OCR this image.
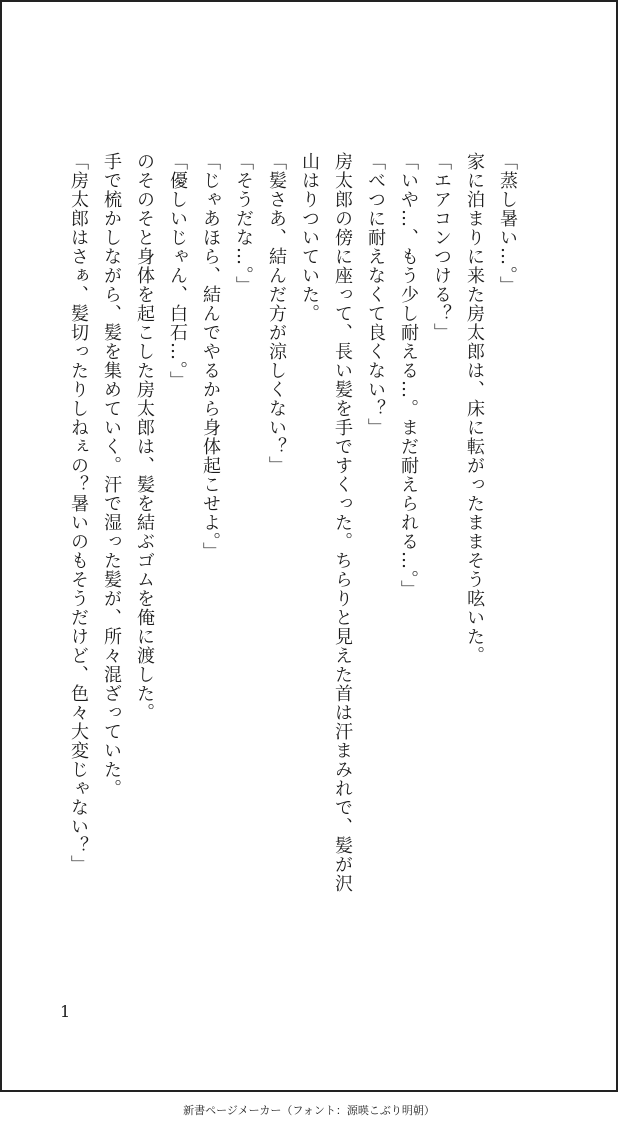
「蒸し暑い…。」
家に泊まりに来た房太郎は、床に転がったままそう呟いた。
「エアコンつける？」
「いや…、もう少し耐える…。まだ耐えられる…。」
「べつに耐えなくて良くない？」
房太郎の傍に座って、長い髪を手ですくった。ちらりと見えた首は汗まみれで、髪が沢
山はりついていた。
「髪さあ、結んだ方が涼しくない？」
「そうだな…。」
「じゃあほら、結んでやるから身体起こせよ。」
「優しいじゃん、白石…。」
のそのそと身体を起こした房太郎は、髪を結ぶゴムを俺に渡した。
手で梳かしながら、髪を集めていく。汗で湿った髪が、所々混ざっていた。
「房太郎はさぁ、髪切ったりしねぇの？暑いのもそうだけど、色々大変じゃない？」
1
新書ページメーカー（フォント：源暎こぶり明朝）
